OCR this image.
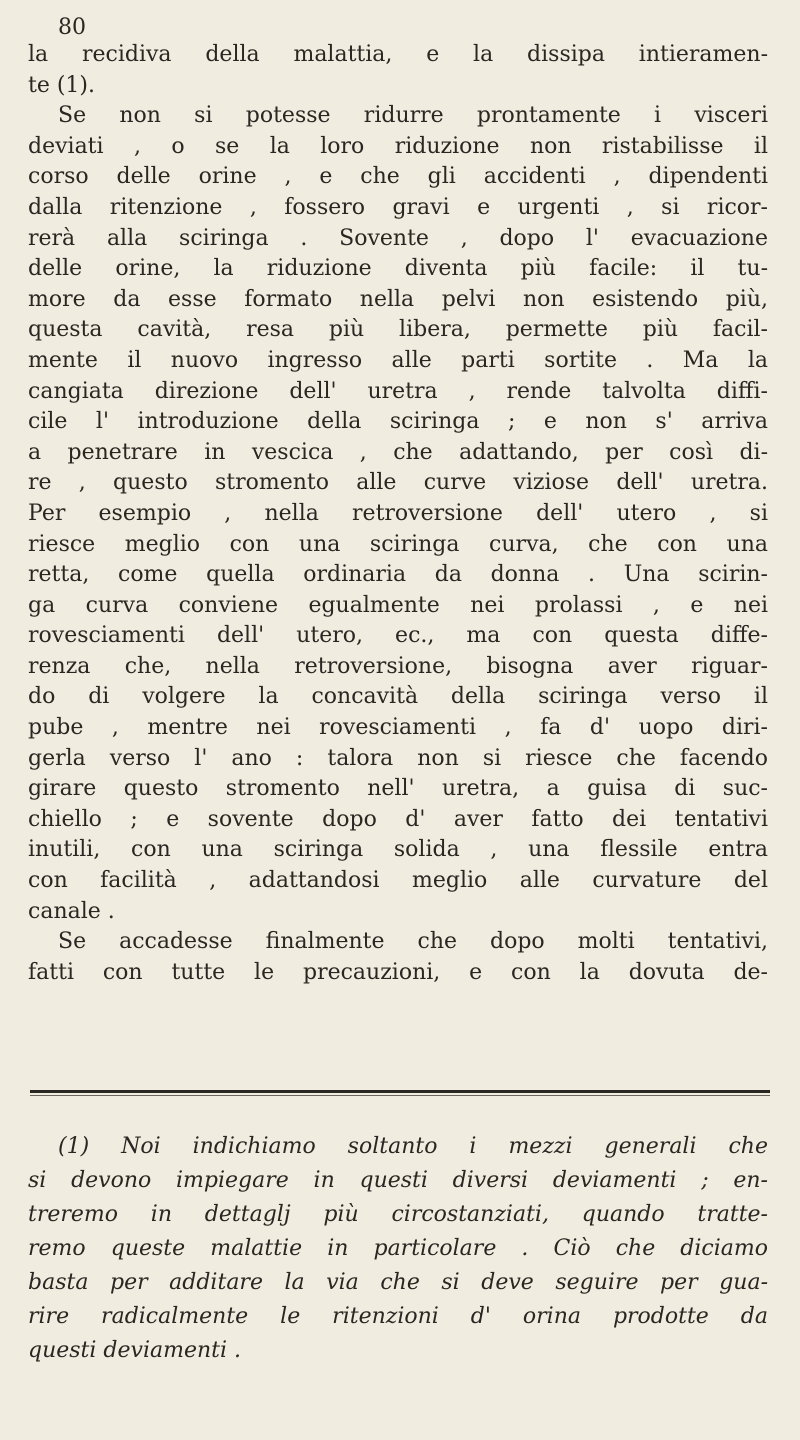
80
la recidiva della malattia, e la dissipa intieramen-
te (1).
Se non si potesse ridurre prontamente i visceri
deviati , o se la loro riduzione non ristabilisse il
corso delle orine , e che gli accidenti , dipendenti
dalla ritenzione , fossero gravi e urgenti , si ricor-
rerà alla sciringa . Sovente , dopo l' evacuazione
delle orine, la riduzione diventa più facile: il tu-
more da esse formato nella pelvi non esistendo più,
questa cavità, resa più libera, permette più facil-
mente il nuovo ingresso alle parti sortite . Ma la
cangiata direzione dell' uretra , rende talvolta diffi-
cile l' introduzione della sciringa ; e non s' arriva
a penetrare in vescica , che adattando, per così di-
re , questo stromento alle curve viziose dell' uretra.
Per esempio , nella retroversione dell' utero , si
riesce meglio con una sciringa curva, che con una
retta, come quella ordinaria da donna . Una scirin-
ga curva conviene egualmente nei prolassi , e nei
rovesciamenti dell' utero, ec., ma con questa diffe-
renza che, nella retroversione, bisogna aver riguar-
do di volgere la concavità della sciringa verso il
pube , mentre nei rovesciamenti , fa d' uopo diri-
gerla verso l' ano : talora non si riesce che facendo
girare questo stromento nell' uretra, a guisa di suc-
chiello ; e sovente dopo d' aver fatto dei tentativi
inutili, con una sciringa solida , una flessile entra
con facilità , adattandosi meglio alle curvature del
canale .
Se accadesse finalmente che dopo molti tentativi,
fatti con tutte le precauzioni, e con la dovuta de-
(1) Noi indichiamo soltanto i mezzi generali che
si devono impiegare in questi diversi deviamenti ; en-
treremo in dettaglj più circostanziati, quando tratte-
remo queste malattie in particolare . Ciò che diciamo
basta per additare la via che si deve seguire per gua-
rire radicalmente le ritenzioni d' orina prodotte da
questi deviamenti .
